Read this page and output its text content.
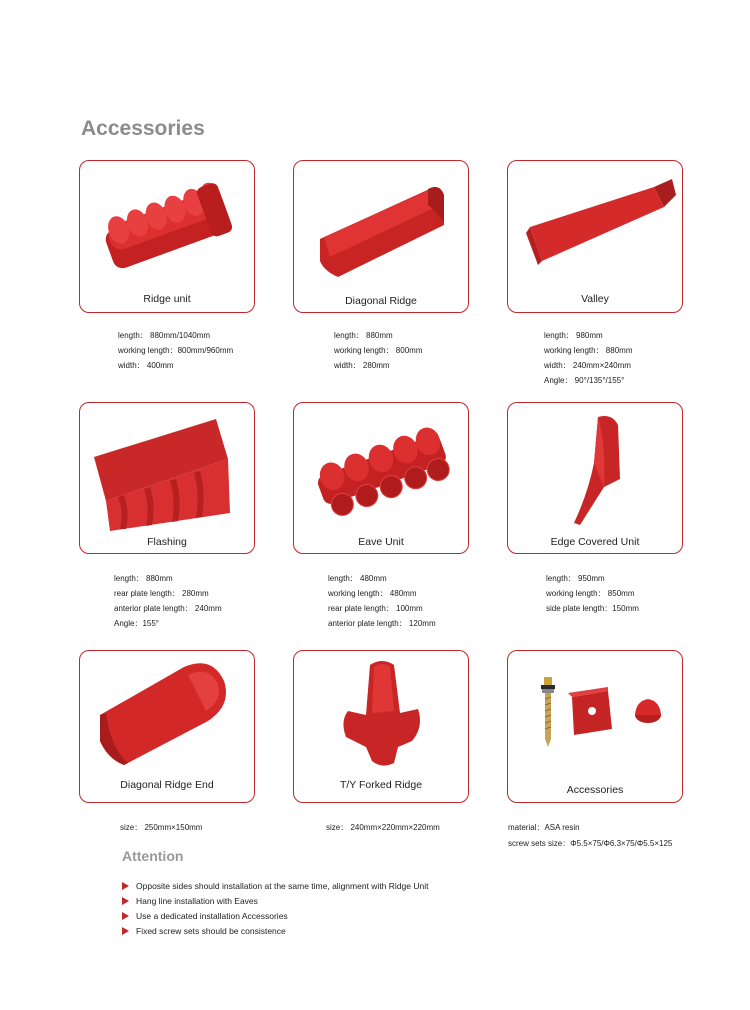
Accessories
Ridge unit	Diagonal Ridge	Valley
length： 880mm/1040mm
working length：800mm/960mm
width： 400mm
length： 880mm
working length： 800mm
width： 280mm
length： 980mm
working length： 880mm
width： 240mm×240mm
Angle： 90°/135°/155°
Flashing	Eave Unit	Edge Covered Unit
length： 880mm
rear plate length： 280mm
anterior plate length： 240mm
Angle：155°
length： 480mm
working length： 480mm
rear plate length： 100mm
anterior plate length： 120mm
length： 950mm
working length： 850mm
side plate length：150mm
Diagonal Ridge End	T/Y Forked Ridge	Accessories
size： 250mm×150mm	size： 240mm×220mm×220mm	material：ASA resin
screw sets size：Φ5.5×75/Φ6.3×75/Φ5.5×125
Attention
Opposite sides should installation at the same time, alignment with Ridge Unit
Hang line installation with Eaves
Use a dedicated installation Accessories
Fixed screw sets should be consistence
